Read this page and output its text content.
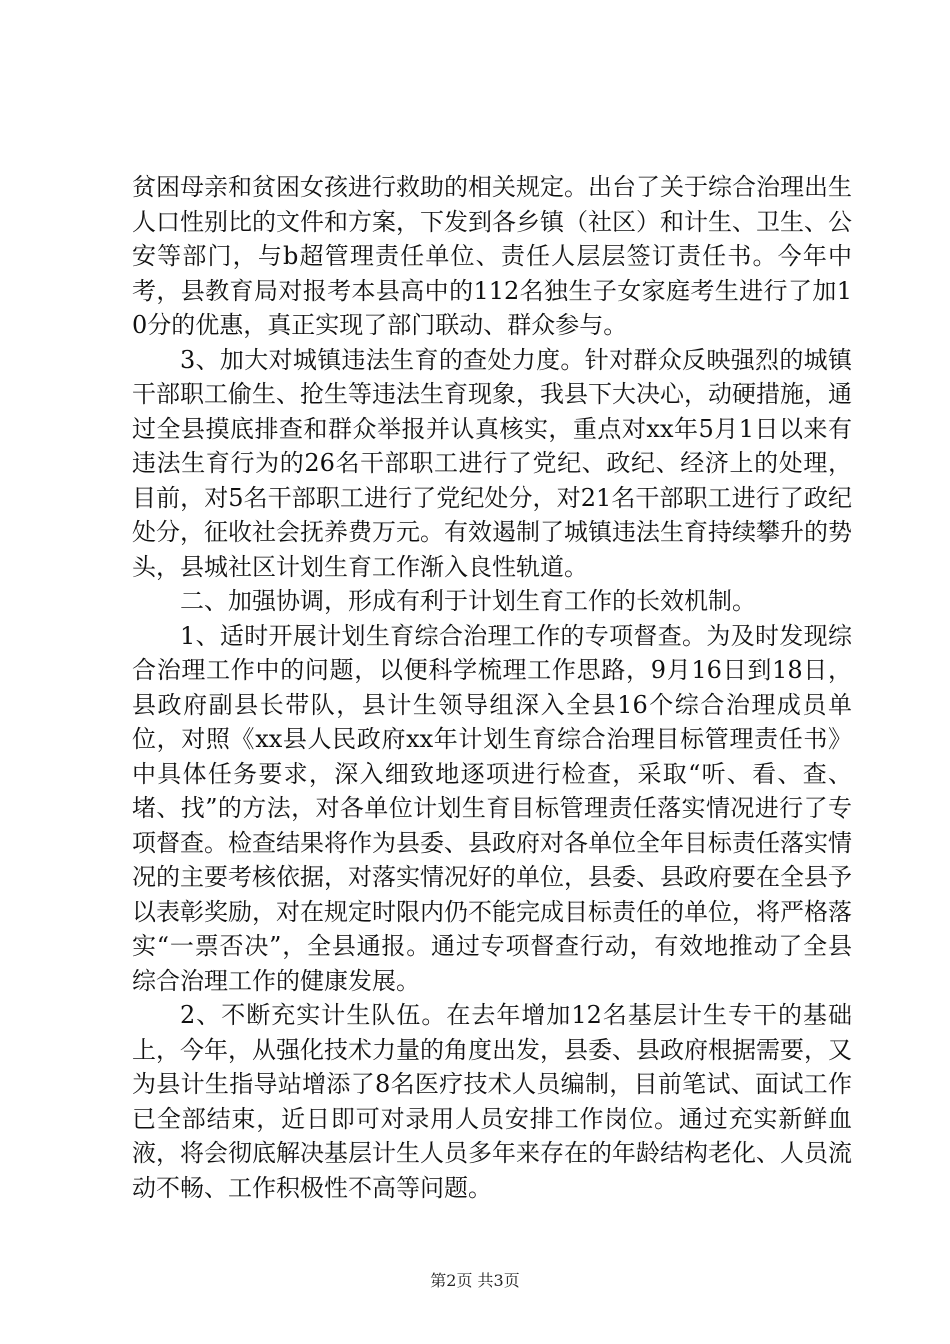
贫困母亲和贫困女孩进行救助的相关规定。出台了关于综合治理出生人口性别比的文件和方案，下发到各乡镇（社区）和计生、卫生、公安等部门，与b超管理责任单位、责任人层层签订责任书。今年中考，县教育局对报考本县高中的112名独生子女家庭考生进行了加10分的优惠，真正实现了部门联动、群众参与。

3、加大对城镇违法生育的查处力度。针对群众反映强烈的城镇干部职工偷生、抢生等违法生育现象，我县下大决心，动硬措施，通过全县摸底排查和群众举报并认真核实，重点对xx年5月1日以来有违法生育行为的26名干部职工进行了党纪、政纪、经济上的处理，目前，对5名干部职工进行了党纪处分，对21名干部职工进行了政纪处分，征收社会抚养费万元。有效遏制了城镇违法生育持续攀升的势头，县城社区计划生育工作渐入良性轨道。

二、加强协调，形成有利于计划生育工作的长效机制。

1、适时开展计划生育综合治理工作的专项督查。为及时发现综合治理工作中的问题，以便科学梳理工作思路，9月16日到18日，县政府副县长带队，县计生领导组深入全县16个综合治理成员单位，对照《xx县人民政府xx年计划生育综合治理目标管理责任书》中具体任务要求，深入细致地逐项进行检查，采取“听、看、查、堵、找”的方法，对各单位计划生育目标管理责任落实情况进行了专项督查。检查结果将作为县委、县政府对各单位全年目标责任落实情况的主要考核依据，对落实情况好的单位，县委、县政府要在全县予以表彰奖励，对在规定时限内仍不能完成目标责任的单位，将严格落实“一票否决”，全县通报。通过专项督查行动，有效地推动了全县综合治理工作的健康发展。

2、不断充实计生队伍。在去年增加12名基层计生专干的基础上，今年，从强化技术力量的角度出发，县委、县政府根据需要，又为县计生指导站增添了8名医疗技术人员编制，目前笔试、面试工作已全部结束，近日即可对录用人员安排工作岗位。通过充实新鲜血液，将会彻底解决基层计生人员多年来存在的年龄结构老化、人员流动不畅、工作积极性不高等问题。

第2页 共3页
